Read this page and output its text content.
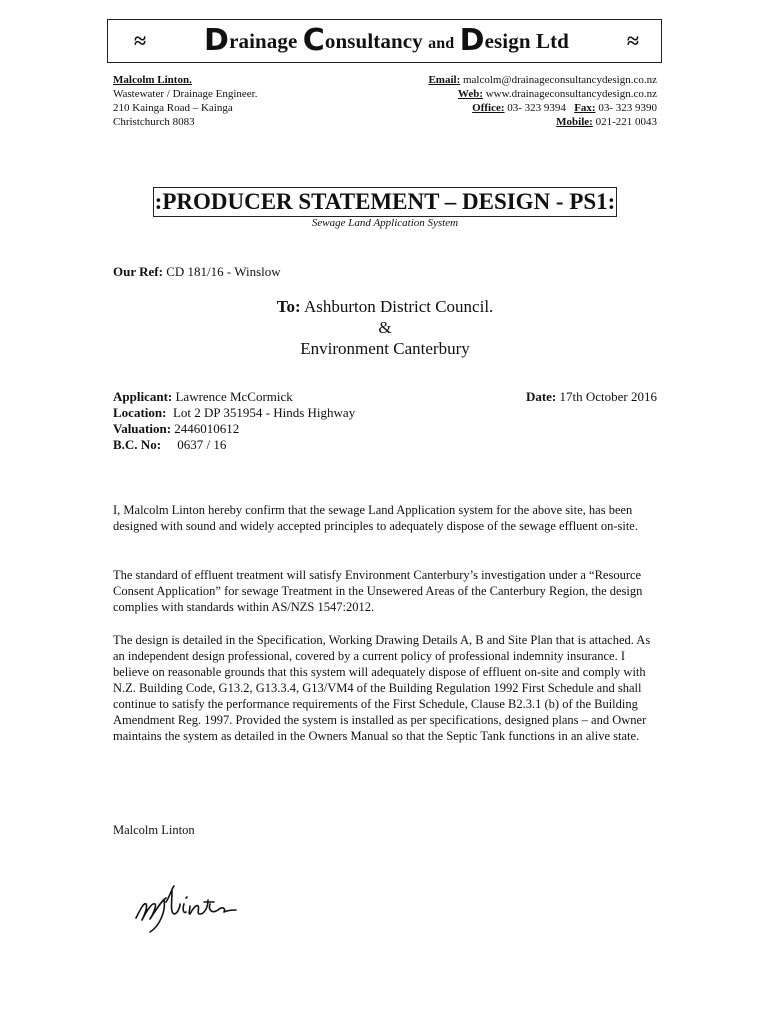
≈ Drainage Consultancy and Design Ltd	≈
Malcolm Linton.
Wastewater / Drainage Engineer.
210 Kainga Road – Kainga
Christchurch 8083
Email: malcolm@drainageconsultancydesign.co.nz
Web: www.drainageconsultancydesign.co.nz
Office: 03- 323 9394 Fax: 03- 323 9390
Mobile: 021-221 0043
:PRODUCER STATEMENT – DESIGN - PS1:
Sewage Land Application System
Our Ref: CD 181/16 - Winslow
To: Ashburton District Council.
&
Environment Canterbury
Applicant: Lawrence McCormick
Location: Lot 2 DP 351954 - Hinds Highway
Valuation: 2446010612
B.C. No: 0637 / 16
Date: 17th October 2016
I, Malcolm Linton hereby confirm that the sewage Land Application system for the above site, has been designed with sound and widely accepted principles to adequately dispose of the sewage effluent on-site.
The standard of effluent treatment will satisfy Environment Canterbury’s investigation under a “Resource Consent Application” for sewage Treatment in the Unsewered Areas of the Canterbury Region, the design complies with standards within AS/NZS 1547:2012.
The design is detailed in the Specification, Working Drawing Details A, B and Site Plan that is attached. As an independent design professional, covered by a current policy of professional indemnity insurance. I believe on reasonable grounds that this system will adequately dispose of effluent on-site and comply with N.Z. Building Code, G13.2, G13.3.4, G13/VM4 of the Building Regulation 1992 First Schedule and shall continue to satisfy the performance requirements of the First Schedule, Clause B2.3.1 (b) of the Building Amendment Reg. 1997. Provided the system is installed as per specifications, designed plans – and Owner maintains the system as detailed in the Owners Manual so that the Septic Tank functions in an alive state.
Malcolm Linton
